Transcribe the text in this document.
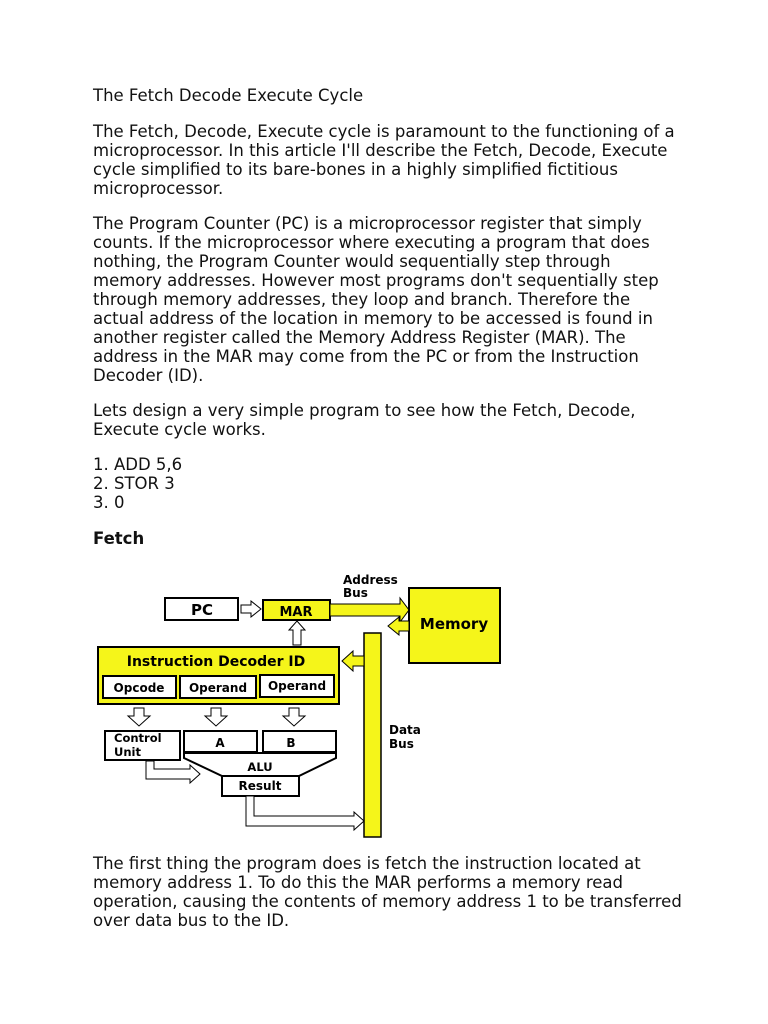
The Fetch Decode Execute Cycle

The Fetch, Decode, Execute cycle is paramount to the functioning of a microprocessor. In this article I'll describe the Fetch, Decode, Execute cycle simplified to its bare-bones in a highly simplified fictitious microprocessor.

The Program Counter (PC) is a microprocessor register that simply counts. If the microprocessor where executing a program that does nothing, the Program Counter would sequentially step through memory addresses. However most programs don't sequentially step through memory addresses, they loop and branch. Therefore the actual address of the location in memory to be accessed is found in another register called the Memory Address Register (MAR). The address in the MAR may come from the PC or from the Instruction Decoder (ID).

Lets design a very simple program to see how the Fetch, Decode, Execute cycle works.

1. ADD 5,6
2. STOR 3
3. 0
Fetch
PC	MAR
Address
Bus
Memory
Data
Bus
Instruction Decoder ID
Opcode Operand Operand
Control
Unit
A	B
ALU
Result

The first thing the program does is fetch the instruction located at memory address 1. To do this the MAR performs a memory read operation, causing the contents of memory address 1 to be transferred over data bus to the ID.
